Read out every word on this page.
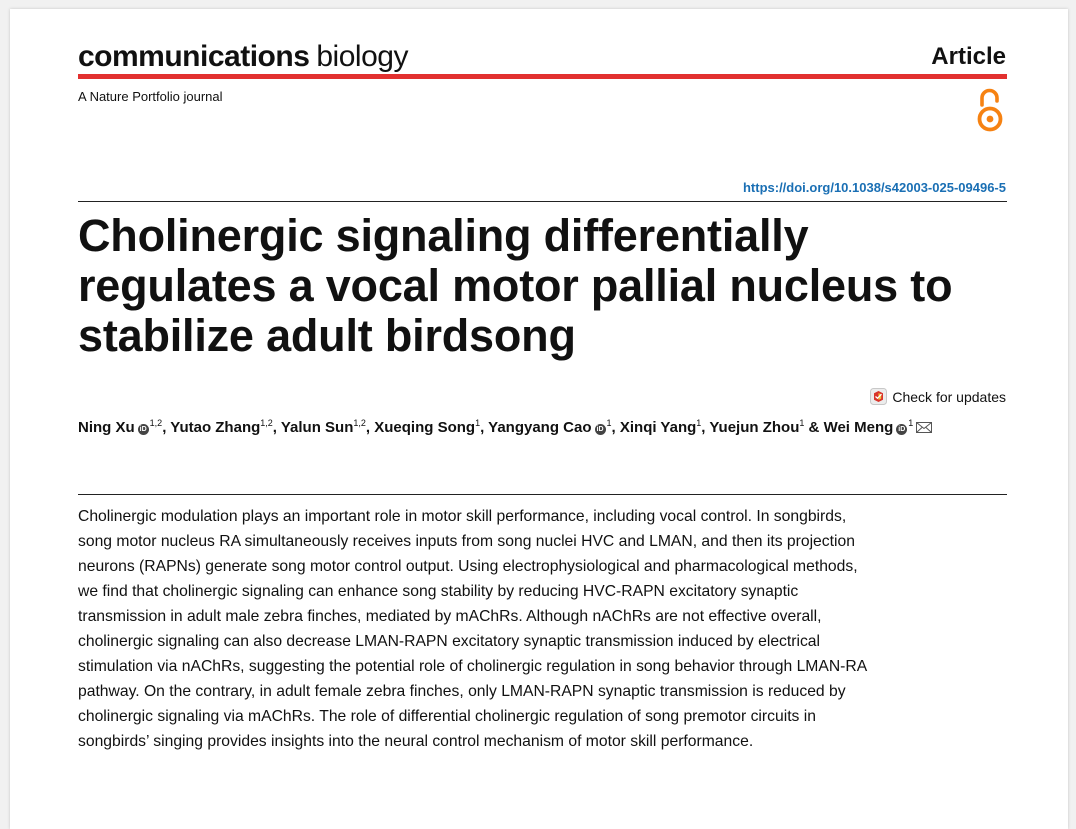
communications biology	Article
A Nature Portfolio journal
https://doi.org/10.1038/s42003-025-09496-5
Cholinergic signaling differentially regulates a vocal motor pallial nucleus to stabilize adult birdsong
Check for updates
Ning Xu iD$^{1,2}$, Yutao Zhang$^{1,2}$, Yalun Sun$^{1,2}$, Xueqing Song$^1$, Yangyang Cao $iD^1$, Xinqi Yang$^1$, Yuejun Zhou$^1$ & Wei Meng $iD^1$

Cholinergic modulation plays an important role in motor skill performance, including vocal control. In songbirds, song motor nucleus RA simultaneously receives inputs from song nuclei HVC and LMAN, and then its projection neurons (RAPNs) generate song motor control output. Using electrophysiological and pharmacological methods, we find that cholinergic signaling can enhance song stability by reducing HVC-RAPN excitatory synaptic transmission in adult male zebra finches, mediated by mAChRs. Although nAChRs are not effective overall, cholinergic signaling can also decrease LMAN-RAPN excitatory synaptic transmission induced by electrical stimulation via nAChRs, suggesting the potential role of cholinergic regulation in song behavior through LMAN-RA pathway. On the contrary, in adult female zebra finches, only LMAN-RAPN synaptic transmission is reduced by cholinergic signaling via mAChRs. The role of differential cholinergic regulation of song premotor circuits in songbirds’ singing provides insights into the neural control mechanism of motor skill performance.
